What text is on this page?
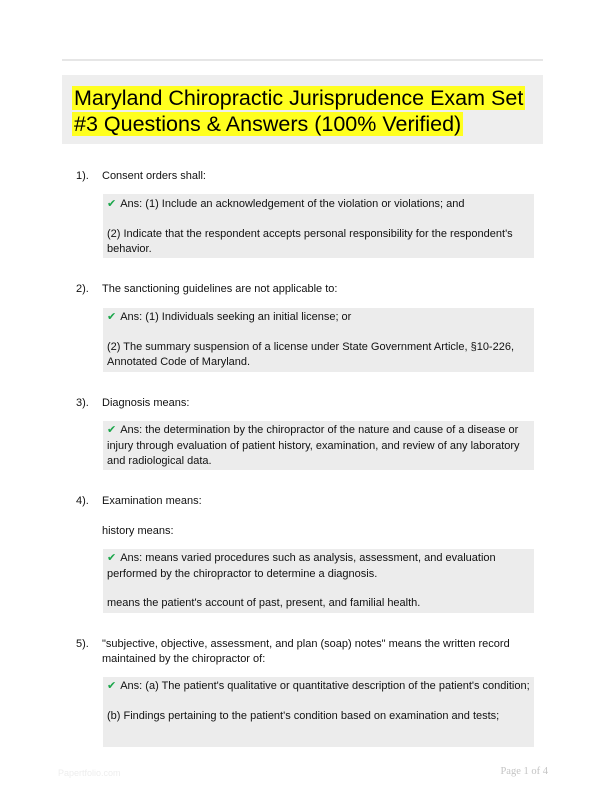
Maryland Chiropractic Jurisprudence Exam Set
#3 Questions & Answers (100% Verified)
1). Consent orders shall:

✔ Ans: (1) Include an acknowledgement of the violation or violations; and

(2) Indicate that the respondent accepts personal responsibility for the respondent's behavior.

2). The sanctioning guidelines are not applicable to:

✔ Ans: (1) Individuals seeking an initial license; or

(2) The summary suspension of a license under State Government Article, §10-226, Annotated Code of Maryland.

3). Diagnosis means:

✔ Ans: the determination by the chiropractor of the nature and cause of a disease or injury through evaluation of patient history, examination, and review of any laboratory and radiological data.

4). Examination means:
history means:

✔ Ans: means varied procedures such as analysis, assessment, and evaluation performed by the chiropractor to determine a diagnosis.

means the patient's account of past, present, and familial health.

5). "subjective, objective, assessment, and plan (soap) notes" means the written record maintained by the chiropractor of:

✔ Ans: (a) The patient's qualitative or quantitative description of the patient's condition;

(b) Findings pertaining to the patient's condition based on examination and tests;

Papertfolio.com	Page 1 of 4
